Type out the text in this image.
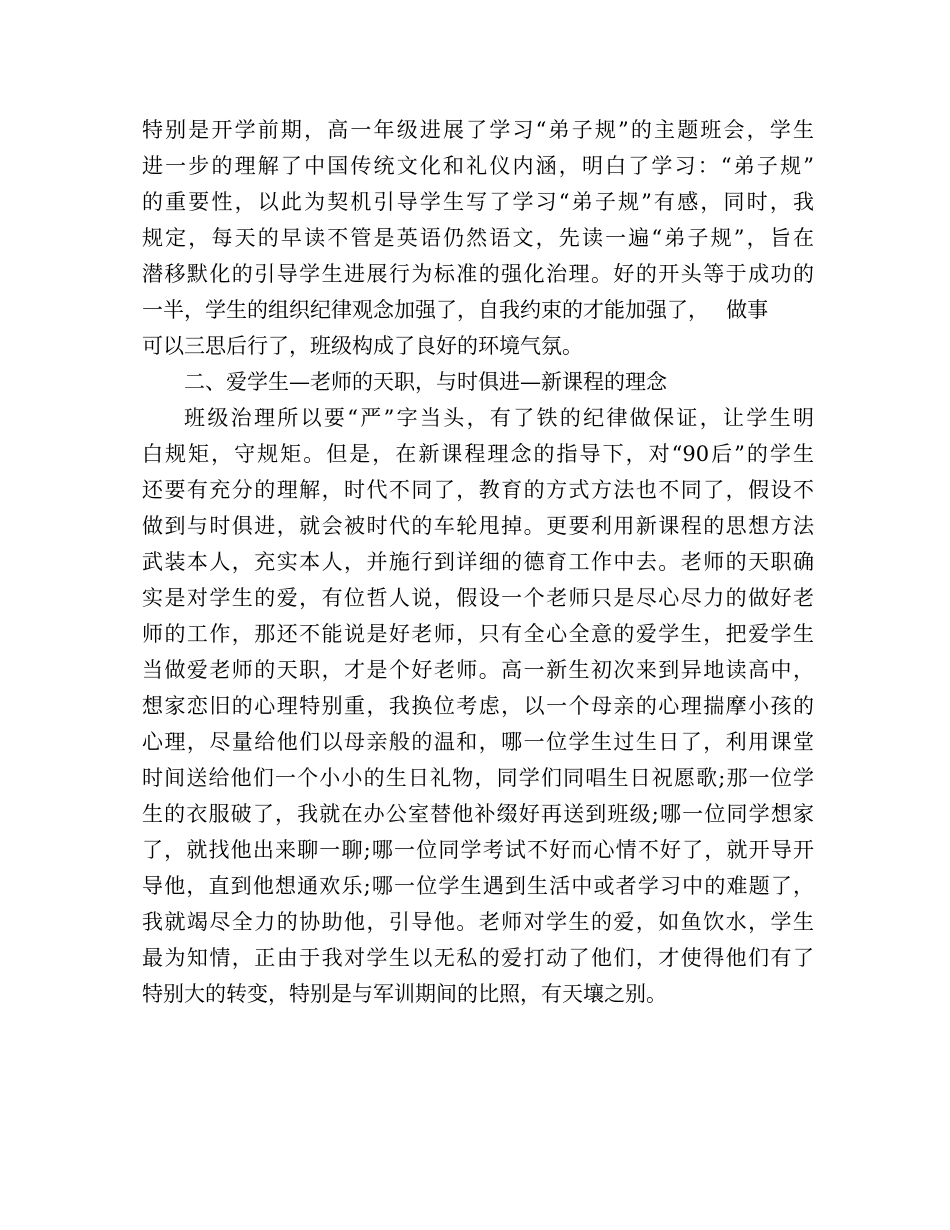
特别是开学前期，高一年级进展了学习“弟子规”的主题班会，学生
进一步的理解了中国传统文化和礼仪内涵，明白了学习：“弟子规”
的重要性，以此为契机引导学生写了学习“弟子规”有感，同时，我
规定，每天的早读不管是英语仍然语文，先读一遍“弟子规”，旨在
潜移默化的引导学生进展行为标准的强化治理。好的开头等于成功的
一半，学生的组织纪律观念加强了，自我约束的才能加强了，　 做事
可以三思后行了，班级构成了良好的环境气氛。
二、爱学生—老师的天职，与时俱进—新课程的理念
班级治理所以要“严”字当头，有了铁的纪律做保证，让学生明
白规矩，守规矩。但是，在新课程理念的指导下，对“90后”的学生
还要有充分的理解，时代不同了，教育的方式方法也不同了，假设不
做到与时俱进，就会被时代的车轮甩掉。更要利用新课程的思想方法
武装本人，充实本人，并施行到详细的德育工作中去。老师的天职确
实是对学生的爱，有位哲人说，假设一个老师只是尽心尽力的做好老
师的工作，那还不能说是好老师，只有全心全意的爱学生，把爱学生
当做爱老师的天职，才是个好老师。高一新生初次来到异地读高中，
想家恋旧的心理特别重，我换位考虑，以一个母亲的心理揣摩小孩的
心理，尽量给他们以母亲般的温和，哪一位学生过生日了，利用课堂
时间送给他们一个小小的生日礼物，同学们同唱生日祝愿歌;那一位学
生的衣服破了，我就在办公室替他补缀好再送到班级;哪一位同学想家
了，就找他出来聊一聊;哪一位同学考试不好而心情不好了，就开导开
导他，直到他想通欢乐;哪一位学生遇到生活中或者学习中的难题了，
我就竭尽全力的协助他，引导他。老师对学生的爱，如鱼饮水，学生
最为知情，正由于我对学生以无私的爱打动了他们，才使得他们有了
特别大的转变，特别是与军训期间的比照，有天壤之别。
